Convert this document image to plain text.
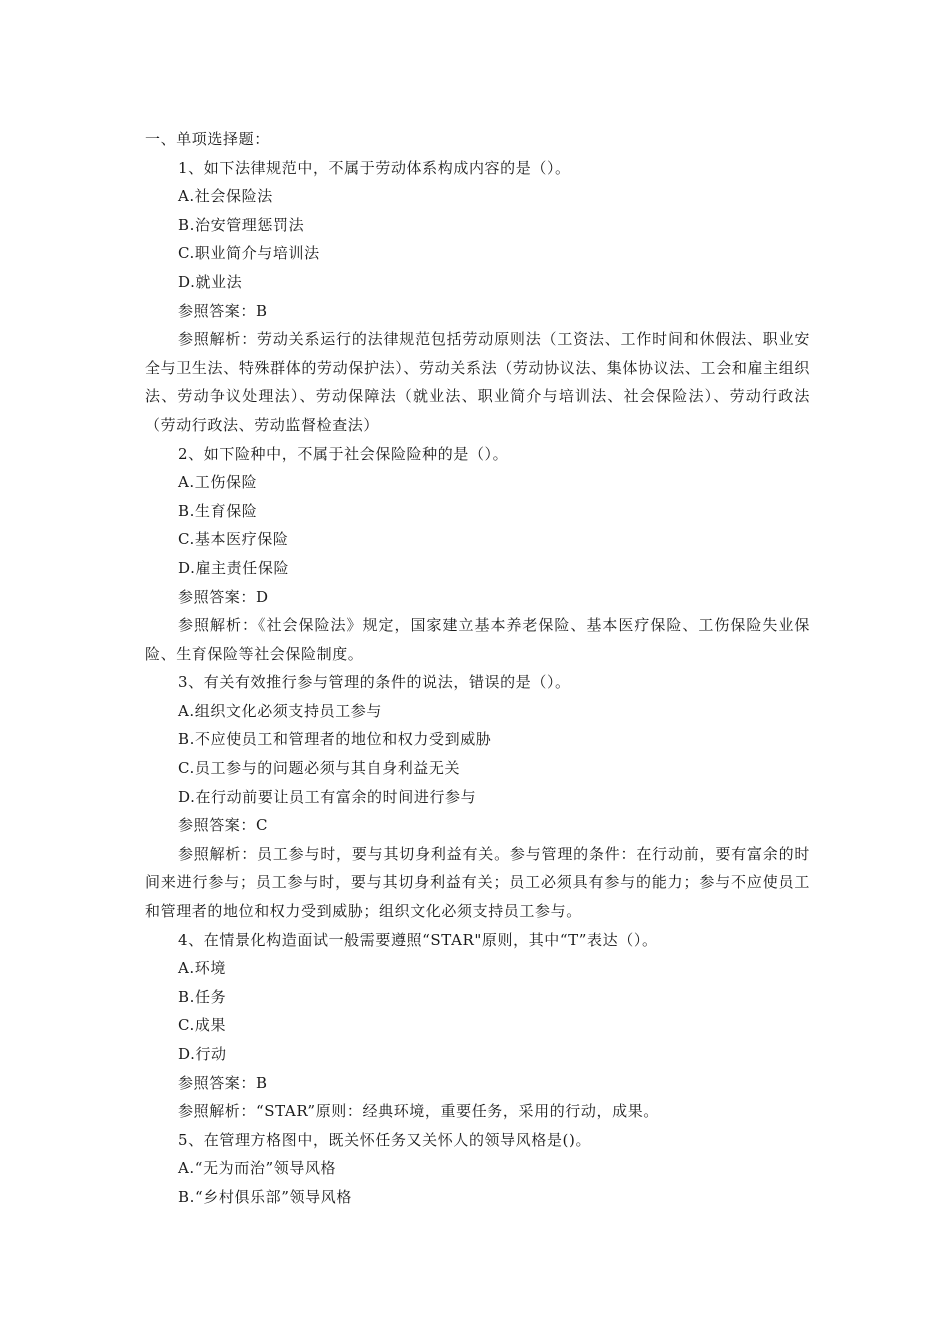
一、单项选择题：

1、如下法律规范中，不属于劳动体系构成内容的是（）。

A.社会保险法

B.治安管理惩罚法

C.职业简介与培训法

D.就业法

参照答案：B

参照解析：劳动关系运行的法律规范包括劳动原则法（工资法、工作时间和休假法、职业安全与卫生法、特殊群体的劳动保护法）、劳动关系法（劳动协议法、集体协议法、工会和雇主组织法、劳动争议处理法）、劳动保障法（就业法、职业简介与培训法、社会保险法）、劳动行政法（劳动行政法、劳动监督检查法）

2、如下险种中，不属于社会保险险种的是（）。

A.工伤保险

B.生育保险

C.基本医疗保险

D.雇主责任保险

参照答案：D

参照解析：《社会保险法》规定，国家建立基本养老保险、基本医疗保险、工伤保险失业保险、生育保险等社会保险制度。

3、有关有效推行参与管理的条件的说法，错误的是（）。

A.组织文化必须支持员工参与

B.不应使员工和管理者的地位和权力受到威胁

C.员工参与的问题必须与其自身利益无关

D.在行动前要让员工有富余的时间进行参与

参照答案：C

参照解析：员工参与时，要与其切身利益有关。参与管理的条件：在行动前，要有富余的时间来进行参与；员工参与时，要与其切身利益有关；员工必须具有参与的能力；参与不应使员工和管理者的地位和权力受到威胁；组织文化必须支持员工参与。

4、在情景化构造面试一般需要遵照“STAR"原则，其中“T”表达（）。

A.环境

B.任务

C.成果

D.行动

参照答案：B

参照解析：“STAR”原则：经典环境，重要任务，采用的行动，成果。

5、在管理方格图中，既关怀任务又关怀人的领导风格是()。

A.“无为而治”领导风格

B.“乡村俱乐部”领导风格
